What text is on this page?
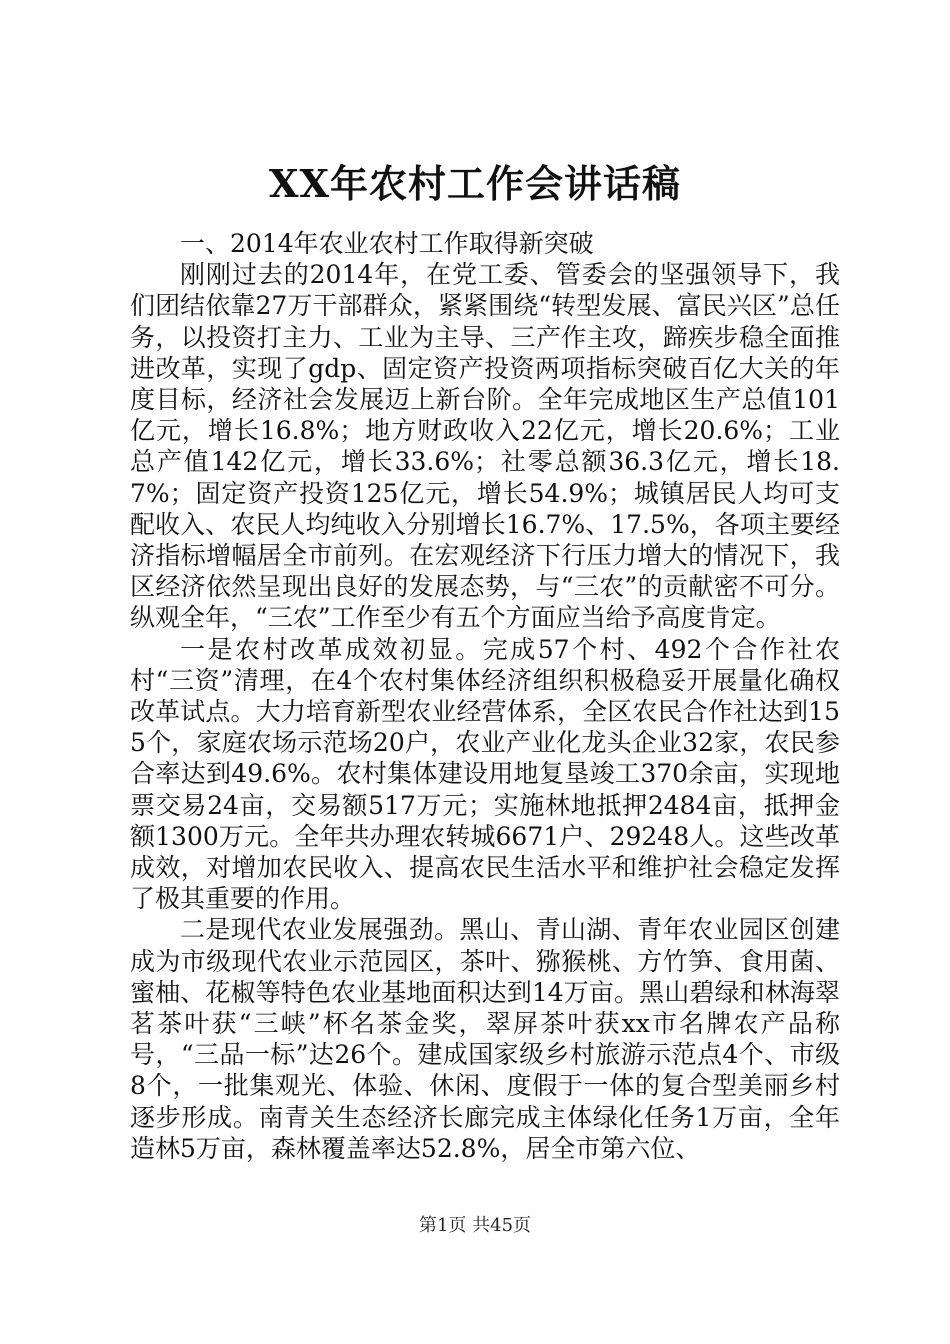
XX年农村工作会讲话稿

一、2014年农业农村工作取得新突破

刚刚过去的2014年，在党工委、管委会的坚强领导下，我们团结依靠27万干部群众，紧紧围绕“转型发展、富民兴区”总任务，以投资打主力、工业为主导、三产作主攻，蹄疾步稳全面推进改革，实现了gdp、固定资产投资两项指标突破百亿大关的年度目标，经济社会发展迈上新台阶。全年完成地区生产总值101亿元，增长16.8%；地方财政收入22亿元，增长20.6%；工业总产值142亿元，增长33.6%；社零总额36.3亿元，增长18.7%；固定资产投资125亿元，增长54.9%；城镇居民人均可支配收入、农民人均纯收入分别增长16.7%、17.5%，各项主要经济指标增幅居全市前列。在宏观经济下行压力增大的情况下，我区经济依然呈现出良好的发展态势，与“三农”的贡献密不可分。纵观全年，“三农”工作至少有五个方面应当给予高度肯定。

一是农村改革成效初显。完成57个村、492个合作社农村“三资”清理，在4个农村集体经济组织积极稳妥开展量化确权改革试点。大力培育新型农业经营体系，全区农民合作社达到155个，家庭农场示范场20户，农业产业化龙头企业32家，农民参合率达到49.6%。农村集体建设用地复垦竣工370余亩，实现地票交易24亩，交易额517万元；实施林地抵押2484亩，抵押金额1300万元。全年共办理农转城6671户、29248人。这些改革成效，对增加农民收入、提高农民生活水平和维护社会稳定发挥了极其重要的作用。

二是现代农业发展强劲。黑山、青山湖、青年农业园区创建成为市级现代农业示范园区，茶叶、猕猴桃、方竹笋、食用菌、蜜柚、花椒等特色农业基地面积达到14万亩。黑山碧绿和林海翠茗茶叶获“三峡”杯名茶金奖，翠屏茶叶获xx市名牌农产品称号，“三品一标”达26个。建成国家级乡村旅游示范点4个、市级8个，一批集观光、体验、休闲、度假于一体的复合型美丽乡村逐步形成。南青关生态经济长廊完成主体绿化任务1万亩，全年造林5万亩，森林覆盖率达52.8%，居全市第六位、

第1页 共45页
